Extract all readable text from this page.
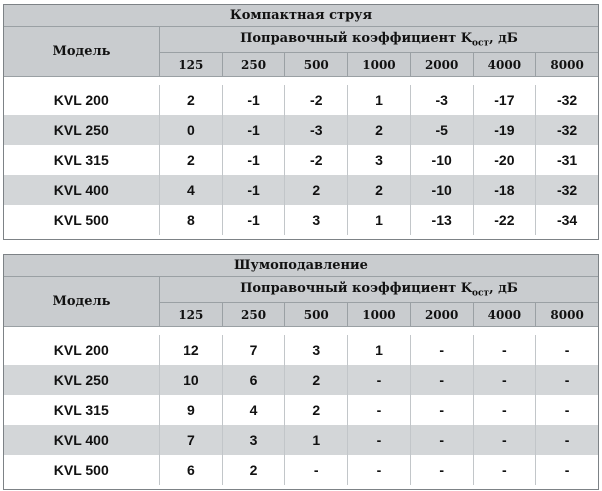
Компактная струя							
Модель	Поправочный коэффициент $K_{ост}$, дБ						
	125	250	500	1000	2000	4000	8000

KVL 200	2	-1	-2	1	-3	-17	-32
KVL 250	0	-1	-3	2	-5	-19	-32
KVL 315	2	-1	-2	3	-10	-20	-31
KVL 400	4	-1	2	2	-10	-18	-32
KVL 500	8	-1	3	1	-13	-22	-34
Шумоподавление							
Модель	Поправочный коэффициент $K_{ост}$, дБ						
	125	250	500	1000	2000	4000	8000

KVL 200	12	7	3	1	-	-	-
KVL 250	10	6	2	-	-	-	-
KVL 315	9	4	2	-	-	-	-
KVL 400	7	3	1	-	-	-	-
KVL 500	6	2	-	-	-	-	-
